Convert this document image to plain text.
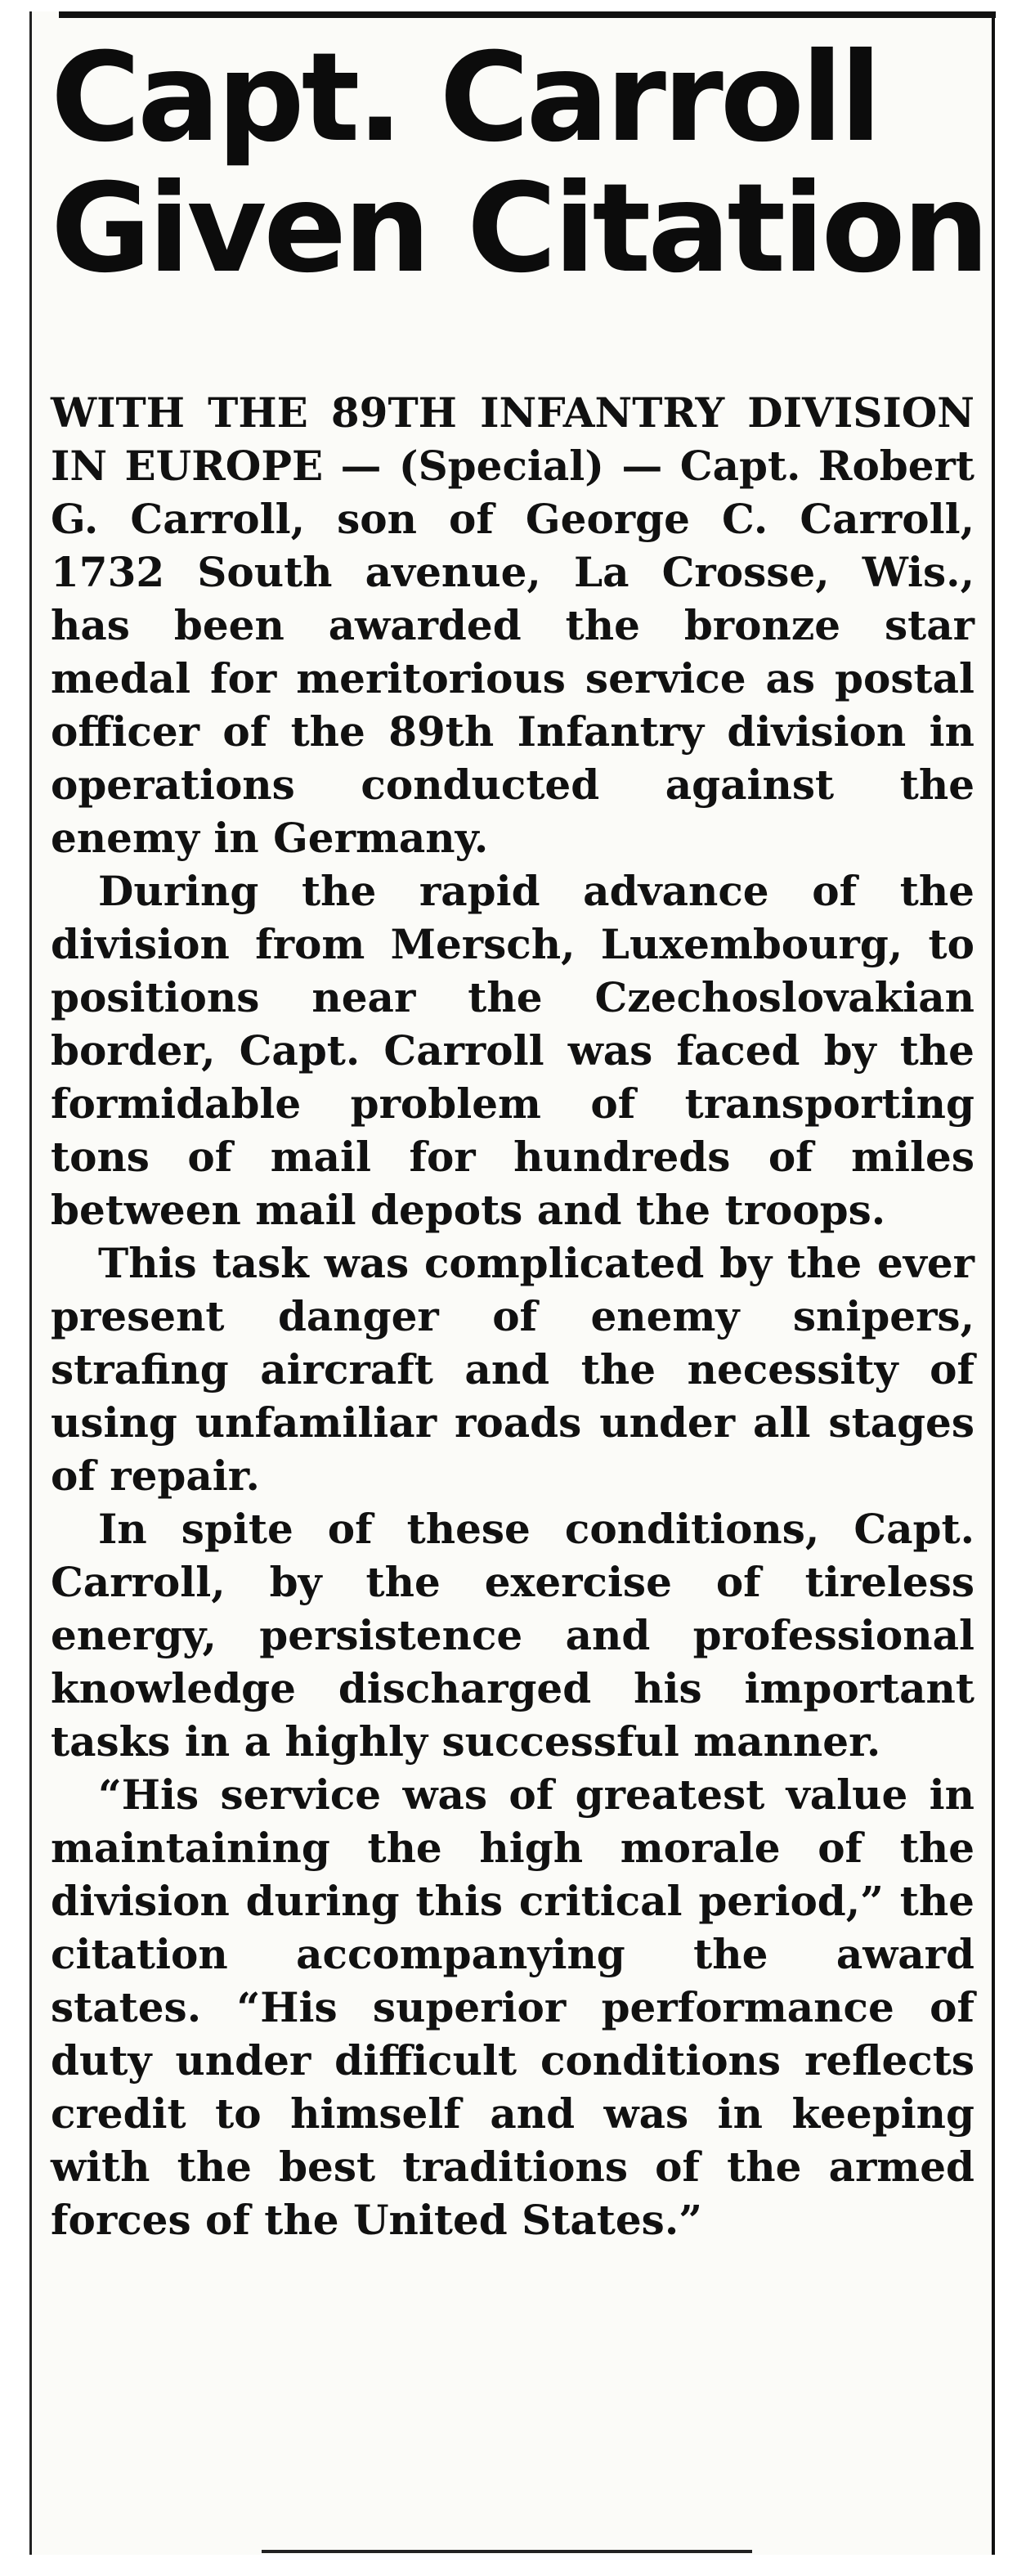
Capt. Carroll
Given Citation

WITH THE 89TH INFANTRY DIVISION IN EUROPE — (Special) — Capt. Robert G. Carroll, son of George C. Carroll, 1732 South avenue, La Crosse, Wis., has been awarded the bronze star medal for meritorious service as postal officer of the 89th Infantry division in operations conducted against the enemy in Germany.

During the rapid advance of the division from Mersch, Luxembourg, to positions near the Czechoslovakian border, Capt. Carroll was faced by the formidable problem of transporting tons of mail for hundreds of miles between mail depots and the troops.

This task was complicated by the ever present danger of enemy snipers, strafing aircraft and the necessity of using unfamiliar roads under all stages of repair.

In spite of these conditions, Capt. Carroll, by the exercise of tireless energy, persistence and professional knowledge discharged his important tasks in a highly successful manner.

“His service was of greatest value in maintaining the high morale of the division during this critical period,” the citation accompanying the award states. “His superior performance of duty under difficult conditions reflects credit to himself and was in keeping with the best traditions of the armed forces of the United States.”
